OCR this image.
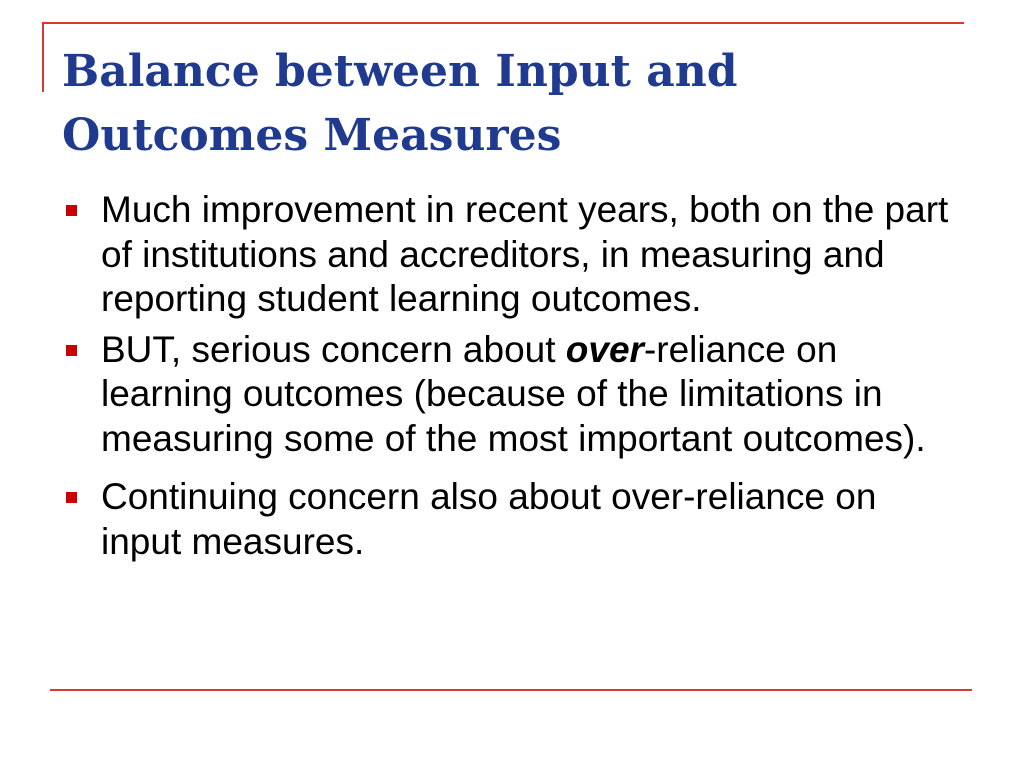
Balance between Input and
Outcomes Measures
Much improvement in recent years, both on the part of institutions and accreditors, in measuring and reporting student learning outcomes.
BUT, serious concern about over-reliance on learning outcomes (because of the limitations in measuring some of the most important outcomes).
Continuing concern also about over-reliance on input measures.
